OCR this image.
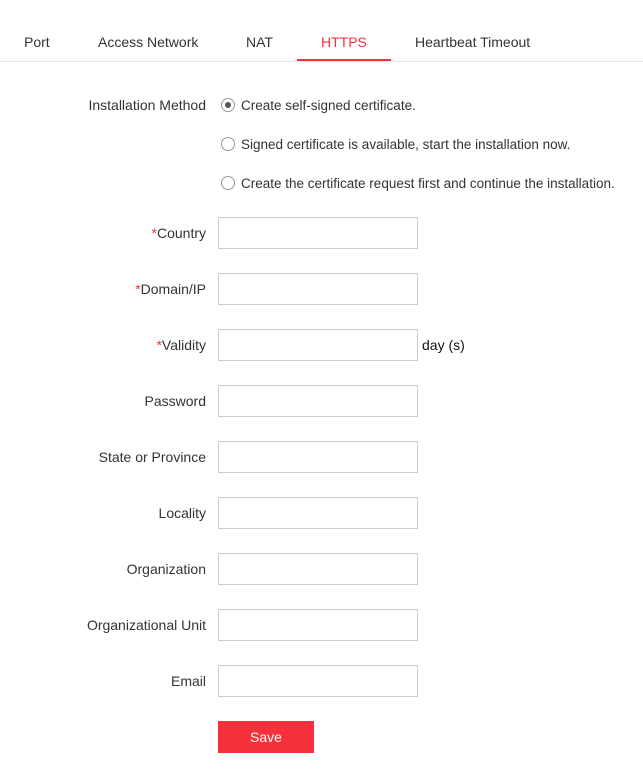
Port	Access Network	NAT	HTTPS	Heartbeat Timeout
Installation Method	Create self-signed certificate.
Signed certificate is available, start the installation now.
Create the certificate request first and continue the installation.
*Country
*Domain/IP
*Validity	day (s)
Password
State or Province
Locality
Organization
Organizational Unit
Email
Save
